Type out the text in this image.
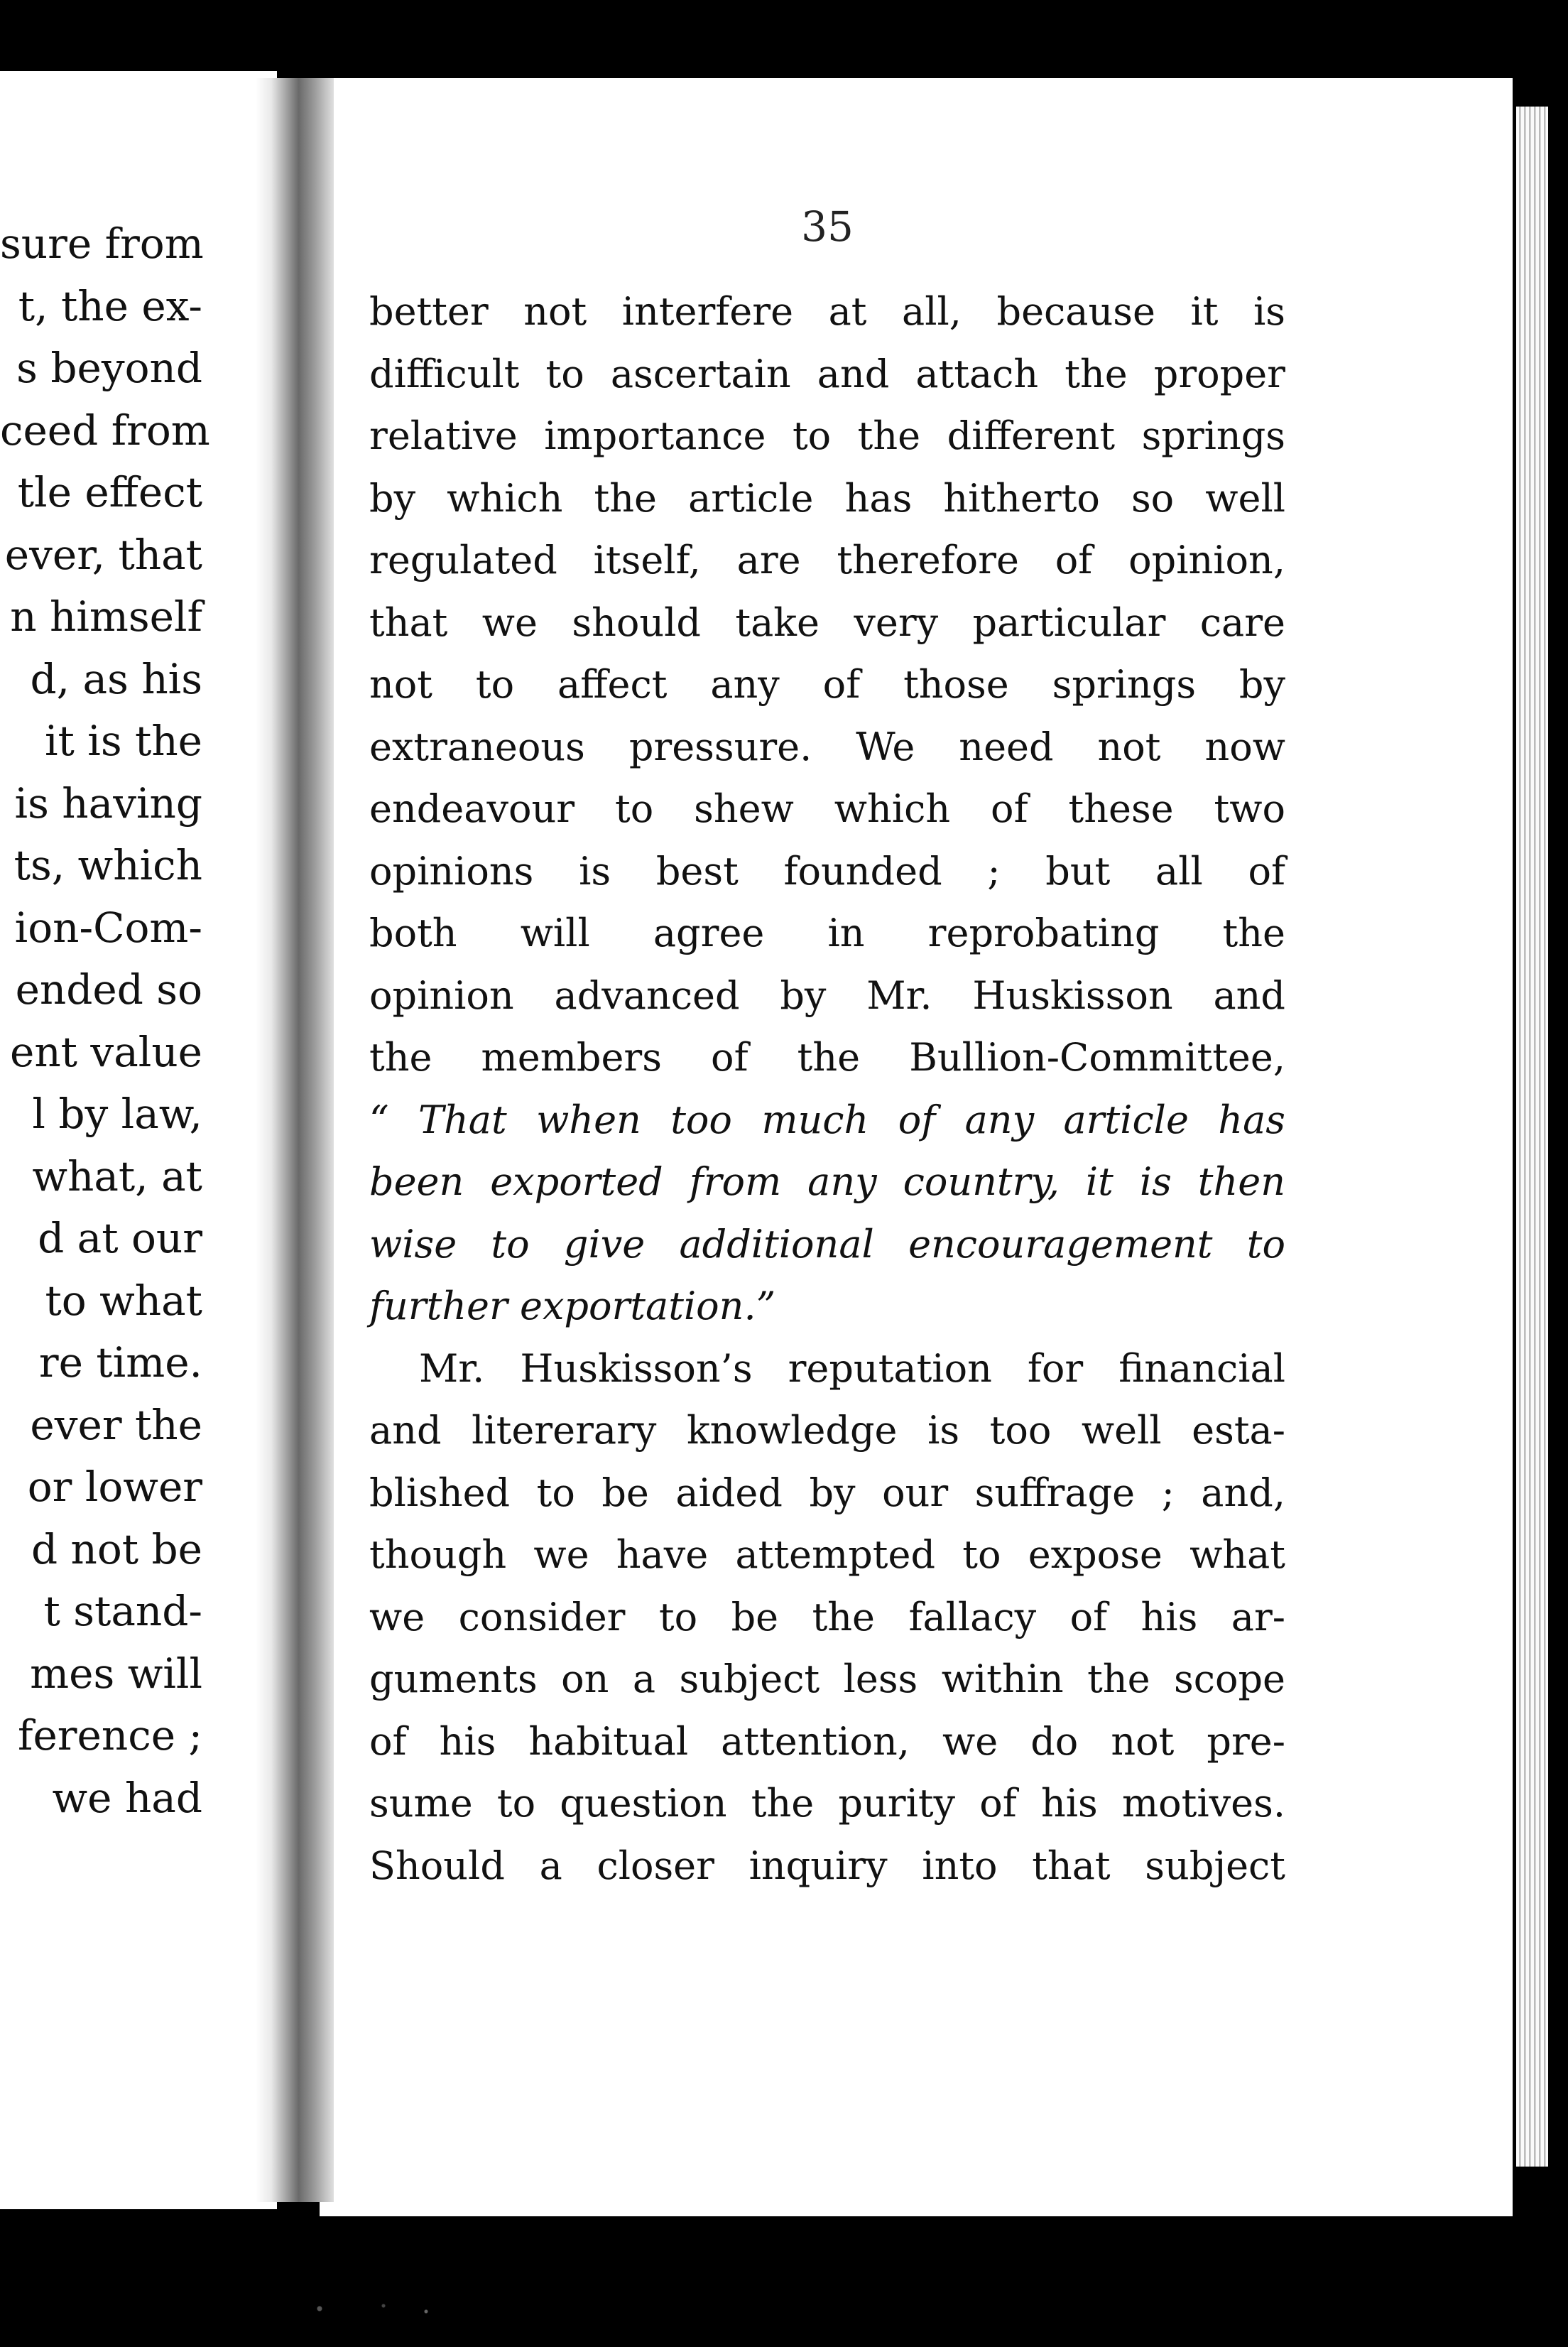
sure from
t, the ex-
s beyond
ceed from
tle effect
ever, that
n himself
d, as his
it is the
is having
ts, which
ion-Com-
ended so
ent value
l by law,
what, at
d at our
to what
re time.
ever the
or lower
d not be
t stand-
mes will
ference ;
we had
35
better not interfere at all, because it is
difficult to ascertain and attach the proper
relative importance to the different springs
by which the article has hitherto so well
regulated itself, are therefore of opinion,
that we should take very particular care
not to affect any of those springs by
extraneous pressure. We need not now
endeavour to shew which of these two
opinions is best founded ; but all of
both will agree in reprobating the
opinion advanced by Mr. Huskisson and
the members of the Bullion-Committee,
“ That when too much of any article has
been exported from any country, it is then
wise to give additional encouragement to
further exportation.”
Mr. Huskisson’s reputation for financial
and litererary knowledge is too well esta-
blished to be aided by our suffrage ; and,
though we have attempted to expose what
we consider to be the fallacy of his ar-
guments on a subject less within the scope
of his habitual attention, we do not pre-
sume to question the purity of his motives.
Should a closer inquiry into that subject
